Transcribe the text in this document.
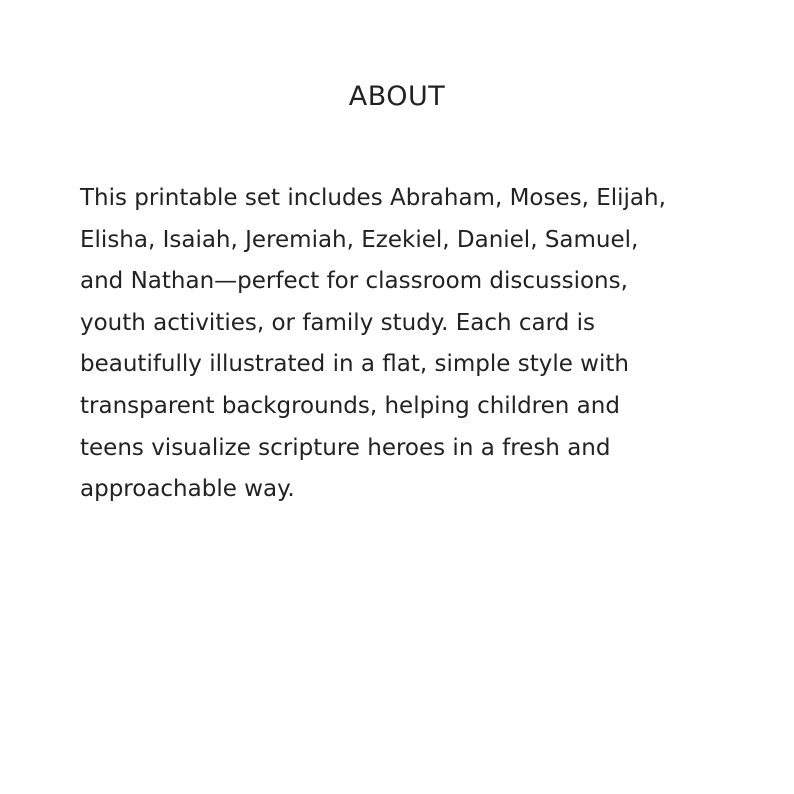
ABOUT
This printable set includes Abraham, Moses, Elijah,
Elisha, Isaiah, Jeremiah, Ezekiel, Daniel, Samuel,
and Nathan—perfect for classroom discussions,
youth activities, or family study. Each card is
beautifully illustrated in a flat, simple style with
transparent backgrounds, helping children and
teens visualize scripture heroes in a fresh and
approachable way.
